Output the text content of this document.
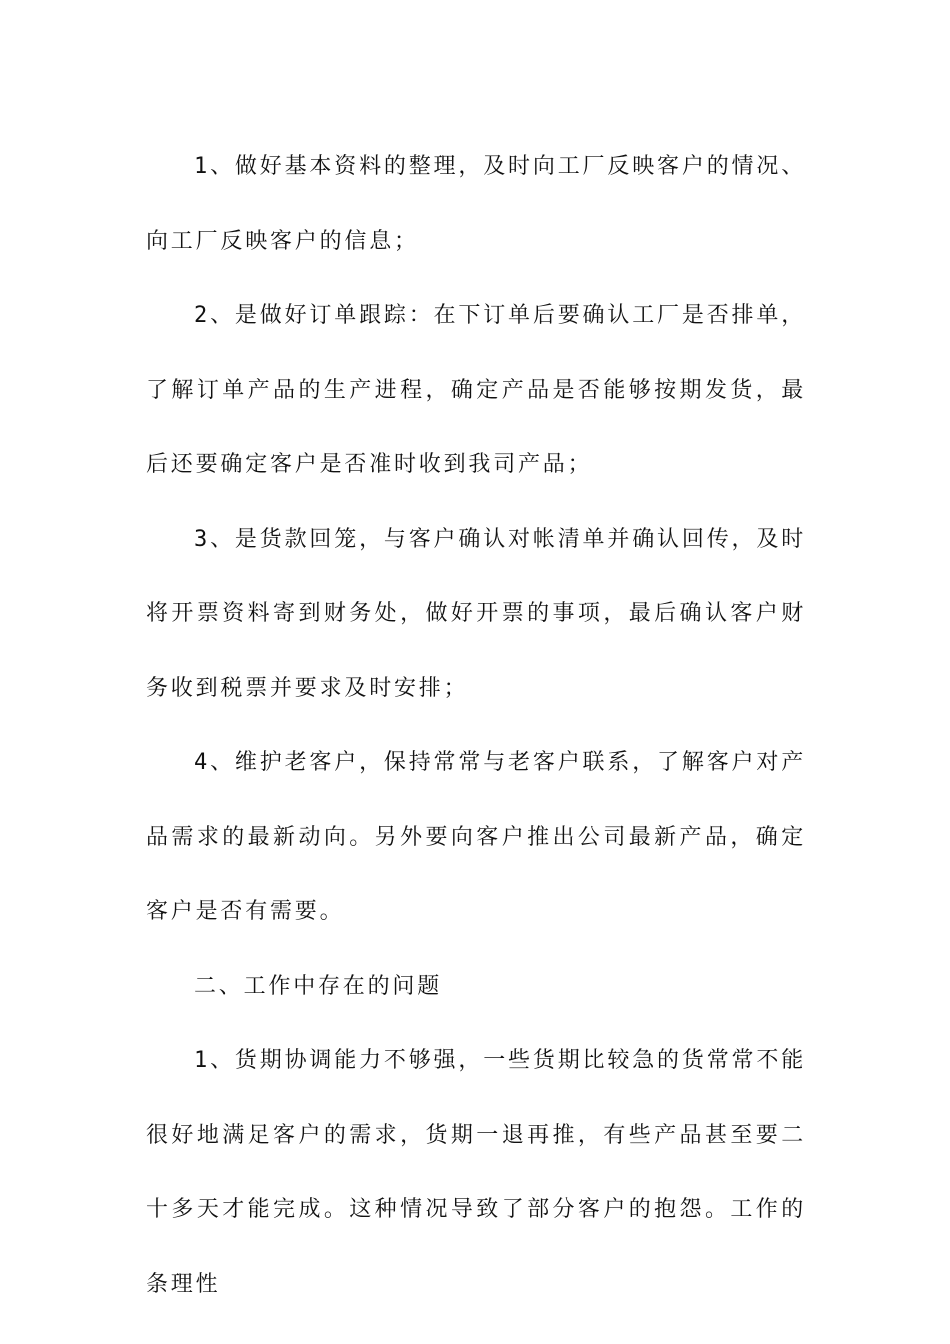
1、做好基本资料的整理，及时向工厂反映客户的情况、向工厂反映客户的信息；

2、是做好订单跟踪：在下订单后要确认工厂是否排单，了解订单产品的生产进程，确定产品是否能够按期发货，最后还要确定客户是否准时收到我司产品；

3、是货款回笼，与客户确认对帐清单并确认回传，及时将开票资料寄到财务处，做好开票的事项，最后确认客户财务收到税票并要求及时安排；

4、维护老客户，保持常常与老客户联系，了解客户对产品需求的最新动向。另外要向客户推出公司最新产品，确定客户是否有需要。

二、工作中存在的问题

1、货期协调能力不够强，一些货期比较急的货常常不能很好地满足客户的需求，货期一退再推，有些产品甚至要二十多天才能完成。这种情况导致了部分客户的抱怨。工作的条理性
